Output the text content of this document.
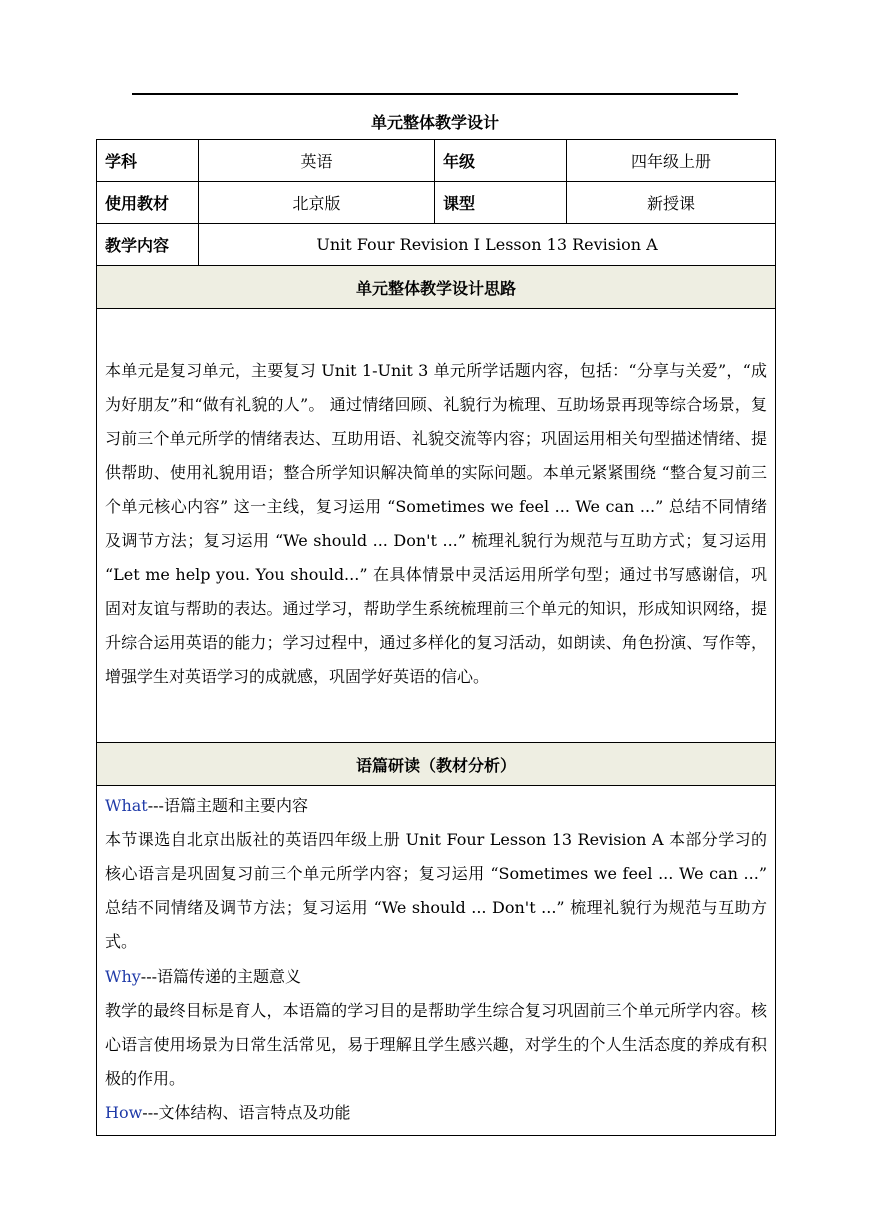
单元整体教学设计
学科	英语	年级	四年级上册
使用教材	北京版	课型	新授课
教学内容	Unit Four Revision I Lesson 13 Revision A		
单元整体教学设计思路			

本单元是复习单元，主要复习 Unit 1-Unit 3 单元所学话题内容，包括：“分享与关爱”，“成为好朋友”和“做有礼貌的人”。 通过情绪回顾、礼貌行为梳理、互助场景再现等综合场景，复习前三个单元所学的情绪表达、互助用语、礼貌交流等内容；巩固运用相关句型描述情绪、提供帮助、使用礼貌用语；整合所学知识解决简单的实际问题。本单元紧紧围绕 “整合复习前三个单元核心内容” 这一主线，复习运用 “Sometimes we feel ... We can ...” 总结不同情绪及调节方法；复习运用 “We should ... Don't ...” 梳理礼貌行为规范与互助方式；复习运用 “Let me help you. You should...” 在具体情景中灵活运用所学句型；通过书写感谢信，巩固对友谊与帮助的表达。通过学习，帮助学生系统梳理前三个单元的知识，形成知识网络，提升综合运用英语的能力；学习过程中，通过多样化的复习活动，如朗读、角色扮演、写作等，增强学生对英语学习的成就感，巩固学好英语的信心。			

语篇研读（教材分析）			

What---语篇主题和主要内容

本节课选自北京出版社的英语四年级上册 Unit Four Lesson 13 Revision A 本部分学习的核心语言是巩固复习前三个单元所学内容；复习运用 “Sometimes we feel ... We can ...” 总结不同情绪及调节方法；复习运用 “We should ... Don't ...” 梳理礼貌行为规范与互助方式。

Why---语篇传递的主题意义

教学的最终目标是育人，本语篇的学习目的是帮助学生综合复习巩固前三个单元所学内容。核心语言使用场景为日常生活常见，易于理解且学生感兴趣，对学生的个人生活态度的养成有积极的作用。

How---文体结构、语言特点及功能			
